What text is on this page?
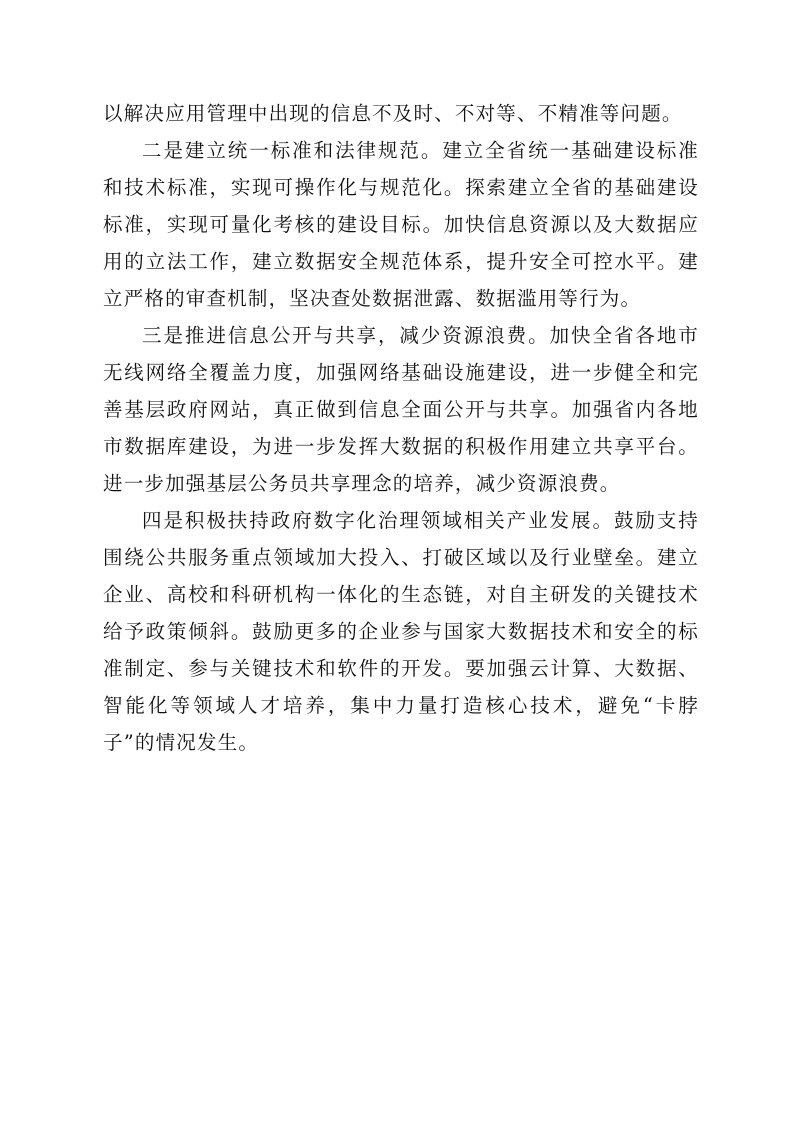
以解决应用管理中出现的信息不及时、不对等、不精准等问题。

二是建立统一标准和法律规范。建立全省统一基础建设标准和技术标准，实现可操作化与规范化。探索建立全省的基础建设标准，实现可量化考核的建设目标。加快信息资源以及大数据应用的立法工作，建立数据安全规范体系，提升安全可控水平。建立严格的审查机制，坚决查处数据泄露、数据滥用等行为。

三是推进信息公开与共享，减少资源浪费。加快全省各地市无线网络全覆盖力度，加强网络基础设施建设，进一步健全和完善基层政府网站，真正做到信息全面公开与共享。加强省内各地市数据库建设，为进一步发挥大数据的积极作用建立共享平台。进一步加强基层公务员共享理念的培养，减少资源浪费。

四是积极扶持政府数字化治理领域相关产业发展。鼓励支持围绕公共服务重点领域加大投入、打破区域以及行业壁垒。建立企业、高校和科研机构一体化的生态链，对自主研发的关键技术给予政策倾斜。鼓励更多的企业参与国家大数据技术和安全的标准制定、参与关键技术和软件的开发。要加强云计算、大数据、智能化等领域人才培养，集中力量打造核心技术，避免“卡脖子”的情况发生。
